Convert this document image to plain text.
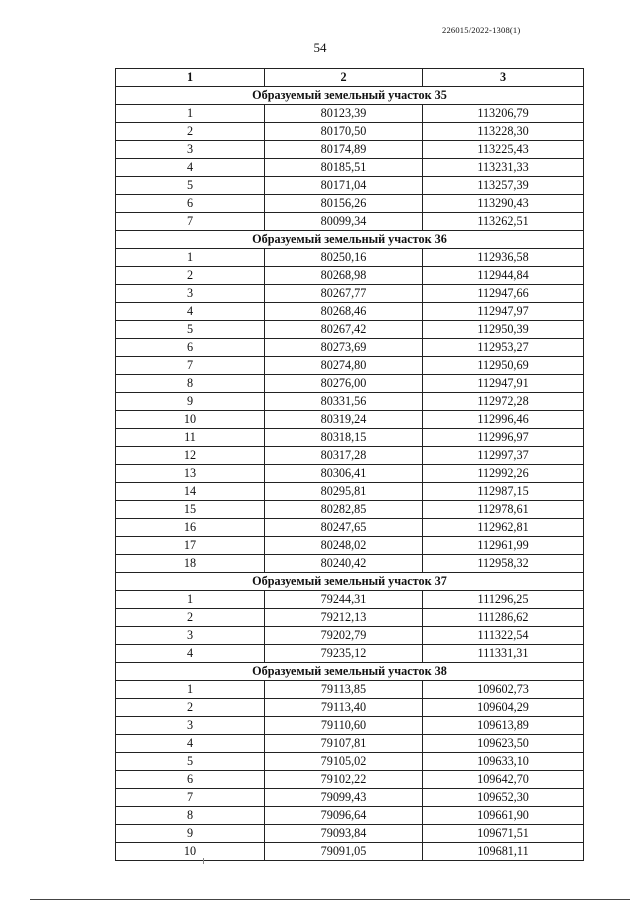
226015/2022-1308(1)
54
1	2	3
Образуемый земельный участок 35		
1	80123,39	113206,79
2	80170,50	113228,30
3	80174,89	113225,43
4	80185,51	113231,33
5	80171,04	113257,39
6	80156,26	113290,43
7	80099,34	113262,51
Образуемый земельный участок 36		
1	80250,16	112936,58
2	80268,98	112944,84
3	80267,77	112947,66
4	80268,46	112947,97
5	80267,42	112950,39
6	80273,69	112953,27
7	80274,80	112950,69
8	80276,00	112947,91
9	80331,56	112972,28
10	80319,24	112996,46
11	80318,15	112996,97
12	80317,28	112997,37
13	80306,41	112992,26
14	80295,81	112987,15
15	80282,85	112978,61
16	80247,65	112962,81
17	80248,02	112961,99
18	80240,42	112958,32
Образуемый земельный участок 37		
1	79244,31	111296,25
2	79212,13	111286,62
3	79202,79	111322,54
4	79235,12	111331,31
Образуемый земельный участок 38		
1	79113,85	109602,73
2	79113,40	109604,29
3	79110,60	109613,89
4	79107,81	109623,50
5	79105,02	109633,10
6	79102,22	109642,70
7	79099,43	109652,30
8	79096,64	109661,90
9	79093,84	109671,51
10	79091,05	109681,11
